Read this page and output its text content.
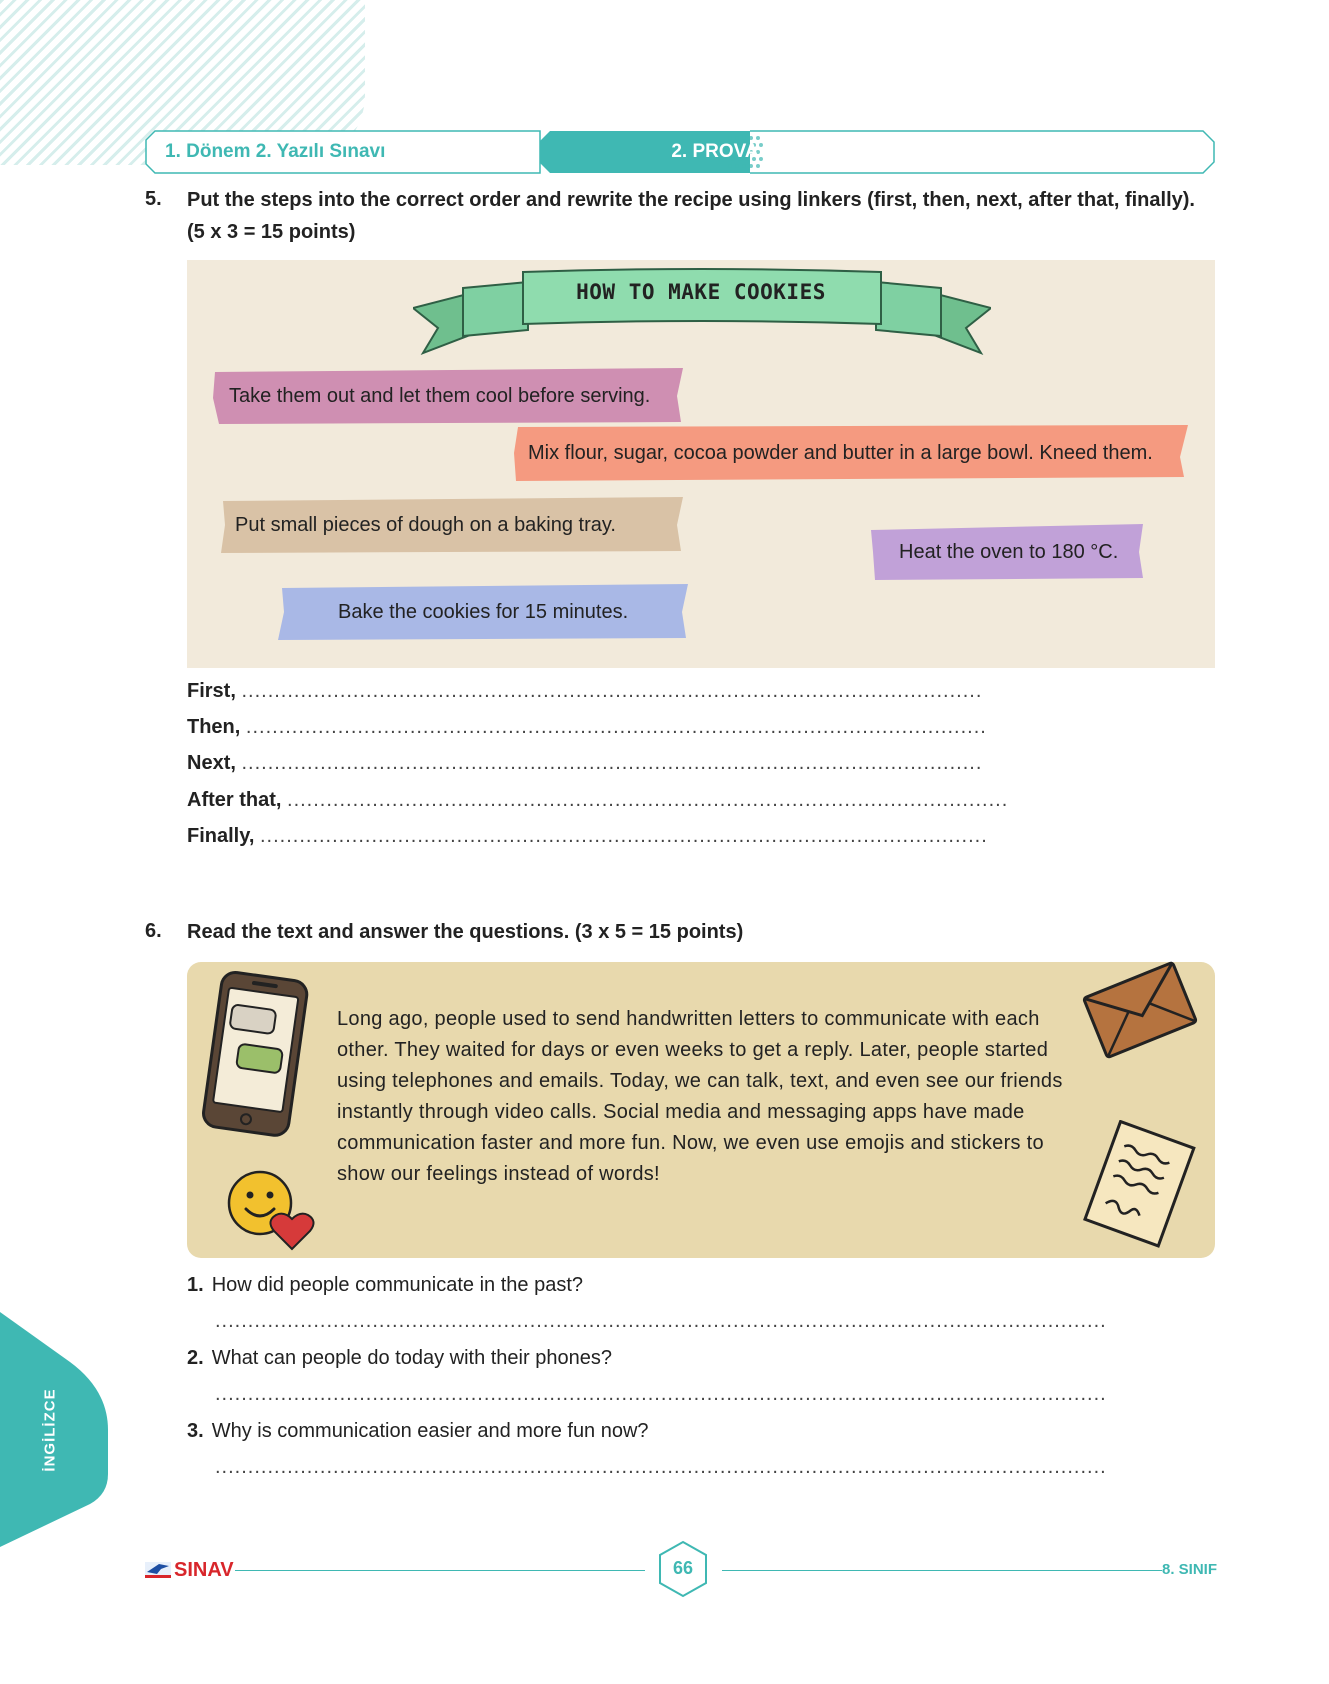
1. Dönem 2. Yazılı Sınavı	2. PROVA
5. Put the steps into the correct order and rewrite the recipe using linkers (first, then, next, after that, finally).
(5 x 3 = 15 points)
HOW TO MAKE COOKIES
Take them out and let them cool before serving.
Mix flour, sugar, cocoa powder and butter in a large bowl. Kneed them.
Put small pieces of dough on a baking tray.
Heat the oven to 180 °C.
Bake the cookies for 15 minutes.
First, .................................................................................................................
Then, .................................................................................................................
Next, .................................................................................................................
After that, ..............................................................................................................
Finally, ...............................................................................................................
6. Read the text and answer the questions. (3 x 5 = 15 points)
Long ago, people used to send handwritten letters to communicate with each other. They waited for days or even weeks to get a reply. Later, people started using telephones and emails. Today, we can talk, text, and even see our friends instantly through video calls. Social media and messaging apps have made communication faster and more fun. Now, we even use emojis and stickers to show our feelings instead of words!
1. How did people communicate in the past?
........................................................................................................................................
2. What can people do today with their phones?
........................................................................................................................................
3. Why is communication easier and more fun now?
........................................................................................................................................
İNGİLİZCE
SINAV	66	8. SINIF
